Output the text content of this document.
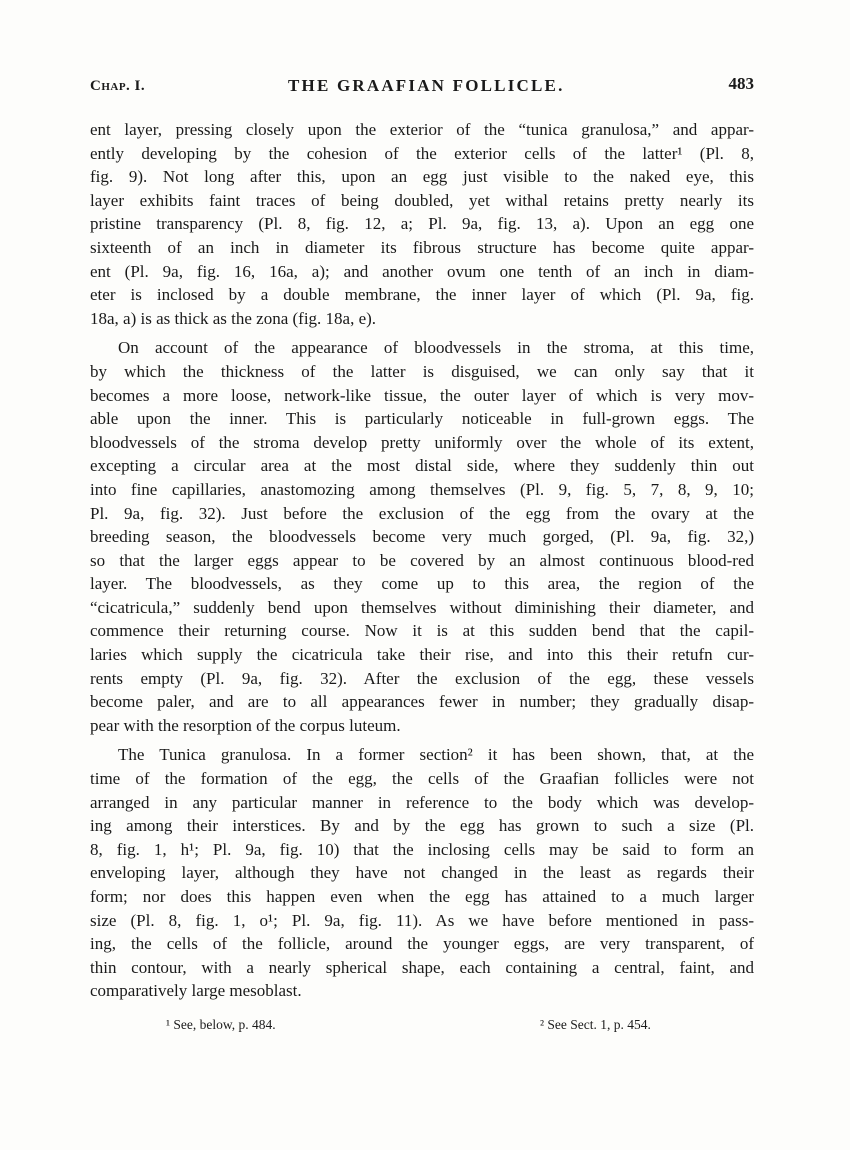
Chap. I.	THE GRAAFIAN FOLLICLE.	483
ent layer, pressing closely upon the exterior of the “tunica granulosa,” and appar-
ently developing by the cohesion of the exterior cells of the latter¹ (Pl. 8,
fig. 9). Not long after this, upon an egg just visible to the naked eye, this
layer exhibits faint traces of being doubled, yet withal retains pretty nearly its
pristine transparency (Pl. 8, fig. 12, a; Pl. 9a, fig. 13, a). Upon an egg one
sixteenth of an inch in diameter its fibrous structure has become quite appar-
ent (Pl. 9a, fig. 16, 16a, a); and another ovum one tenth of an inch in diam-
eter is inclosed by a double membrane, the inner layer of which (Pl. 9a, fig.
18a, a) is as thick as the zona (fig. 18a, e).
On account of the appearance of bloodvessels in the stroma, at this time,
by which the thickness of the latter is disguised, we can only say that it
becomes a more loose, network-like tissue, the outer layer of which is very mov-
able upon the inner. This is particularly noticeable in full-grown eggs. The
bloodvessels of the stroma develop pretty uniformly over the whole of its extent,
excepting a circular area at the most distal side, where they suddenly thin out
into fine capillaries, anastomozing among themselves (Pl. 9, fig. 5, 7, 8, 9, 10;
Pl. 9a, fig. 32). Just before the exclusion of the egg from the ovary at the
breeding season, the bloodvessels become very much gorged, (Pl. 9a, fig. 32,)
so that the larger eggs appear to be covered by an almost continuous blood-red
layer. The bloodvessels, as they come up to this area, the region of the
“cicatricula,” suddenly bend upon themselves without diminishing their diameter, and
commence their returning course. Now it is at this sudden bend that the capil-
laries which supply the cicatricula take their rise, and into this their retufn cur-
rents empty (Pl. 9a, fig. 32). After the exclusion of the egg, these vessels
become paler, and are to all appearances fewer in number; they gradually disap-
pear with the resorption of the corpus luteum.
The Tunica granulosa. In a former section² it has been shown, that, at the
time of the formation of the egg, the cells of the Graafian follicles were not
arranged in any particular manner in reference to the body which was develop-
ing among their interstices. By and by the egg has grown to such a size (Pl.
8, fig. 1, h¹; Pl. 9a, fig. 10) that the inclosing cells may be said to form an
enveloping layer, although they have not changed in the least as regards their
form; nor does this happen even when the egg has attained to a much larger
size (Pl. 8, fig. 1, o¹; Pl. 9a, fig. 11). As we have before mentioned in pass-
ing, the cells of the follicle, around the younger eggs, are very transparent, of
thin contour, with a nearly spherical shape, each containing a central, faint, and
comparatively large mesoblast.
¹ See, below, p. 484.	² See Sect. 1, p. 454.
